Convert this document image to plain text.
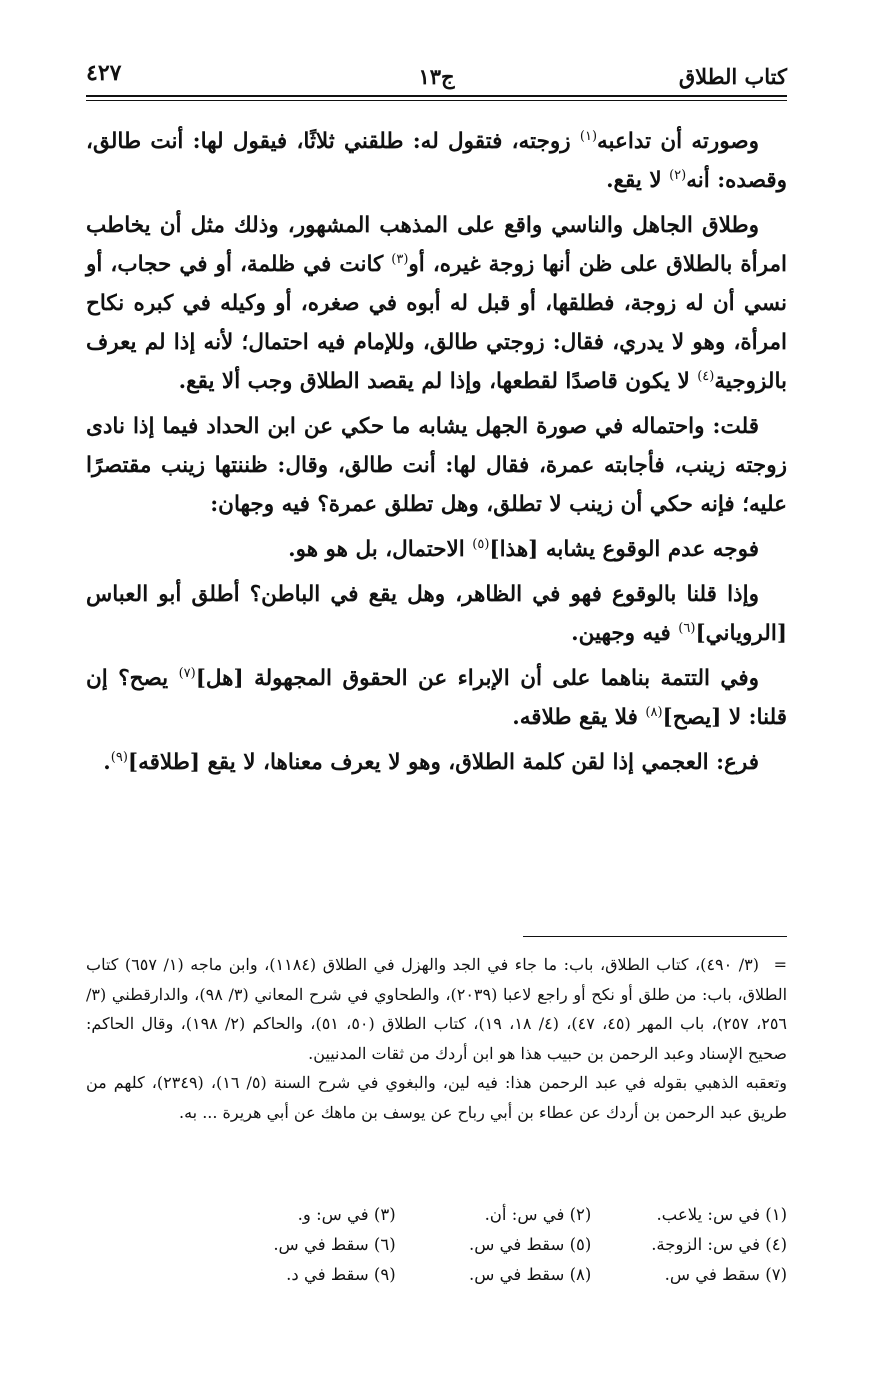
كتاب الطلاق
ج١٣
٤٢٧

وصورته أن تداعبه$^{(١)}$ زوجته، فتقول له: طلقني ثلاثًا، فيقول لها: أنت طالق، وقصده: أنه$^{(٢)}$ لا يقع.

وطلاق الجاهل والناسي واقع على المذهب المشهور، وذلك مثل أن يخاطب امرأة بالطلاق على ظن أنها زوجة غيره، أو$^{(٣)}$ كانت في ظلمة، أو في حجاب، أو نسي أن له زوجة، فطلقها، أو قبل له أبوه في صغره، أو وكيله في كبره نكاح امرأة، وهو لا يدري، فقال: زوجتي طالق، وللإمام فيه احتمال؛ لأنه إذا لم يعرف بالزوجية$^{(٤)}$ لا يكون قاصدًا لقطعها، وإذا لم يقصد الطلاق وجب ألا يقع.

قلت: واحتماله في صورة الجهل يشابه ما حكي عن ابن الحداد فيما إذا نادى زوجته زينب، فأجابته عمرة، فقال لها: أنت طالق، وقال: ظننتها زينب مقتصرًا عليه؛ فإنه حكي أن زينب لا تطلق، وهل تطلق عمرة؟ فيه وجهان:

فوجه عدم الوقوع يشابه [هذا]$^{(٥)}$ الاحتمال، بل هو هو.

وإذا قلنا بالوقوع فهو في الظاهر، وهل يقع في الباطن؟ أطلق أبو العباس [الروياني]$^{(٦)}$ فيه وجهين.

وفي التتمة بناهما على أن الإبراء عن الحقوق المجهولة [هل]$^{(٧)}$ يصح؟ إن قلنا: لا [يصح]$^{(٨)}$ فلا يقع طلاقه.

فرع: العجمي إذا لقن كلمة الطلاق، وهو لا يعرف معناها، لا يقع [طلاقه]$^{(٩)}$.

=(٣/ ٤٩٠)، كتاب الطلاق، باب: ما جاء في الجد والهزل في الطلاق (١١٨٤)، وابن ماجه (١/ ٦٥٧) كتاب الطلاق، باب: من طلق أو نكح أو راجع لاعبا (٢٠٣٩)، والطحاوي في شرح المعاني (٣/ ٩٨)، والدارقطني (٣/ ٢٥٦، ٢٥٧)، باب المهر (٤٥، ٤٧)، (٤/ ١٨، ١٩)، كتاب الطلاق (٥٠، ٥١)، والحاكم (٢/ ١٩٨)، وقال الحاكم: صحيح الإسناد وعبد الرحمن بن حبيب هذا هو ابن أردك من ثقات المدنيين.

وتعقبه الذهبي بقوله في عبد الرحمن هذا: فيه لين، والبغوي في شرح السنة (٥/ ١٦)، (٢٣٤٩)، كلهم من طريق عبد الرحمن بن أردك عن عطاء بن أبي رباح عن يوسف بن ماهك عن أبي هريرة ... به.

(١) في س: يلاعب.
(٢) في س: أن.
(٣) في س: و.
(٤) في س: الزوجة.
(٥) سقط في س.
(٦) سقط في س.
(٧) سقط في س.
(٨) سقط في س.
(٩) سقط في د.
